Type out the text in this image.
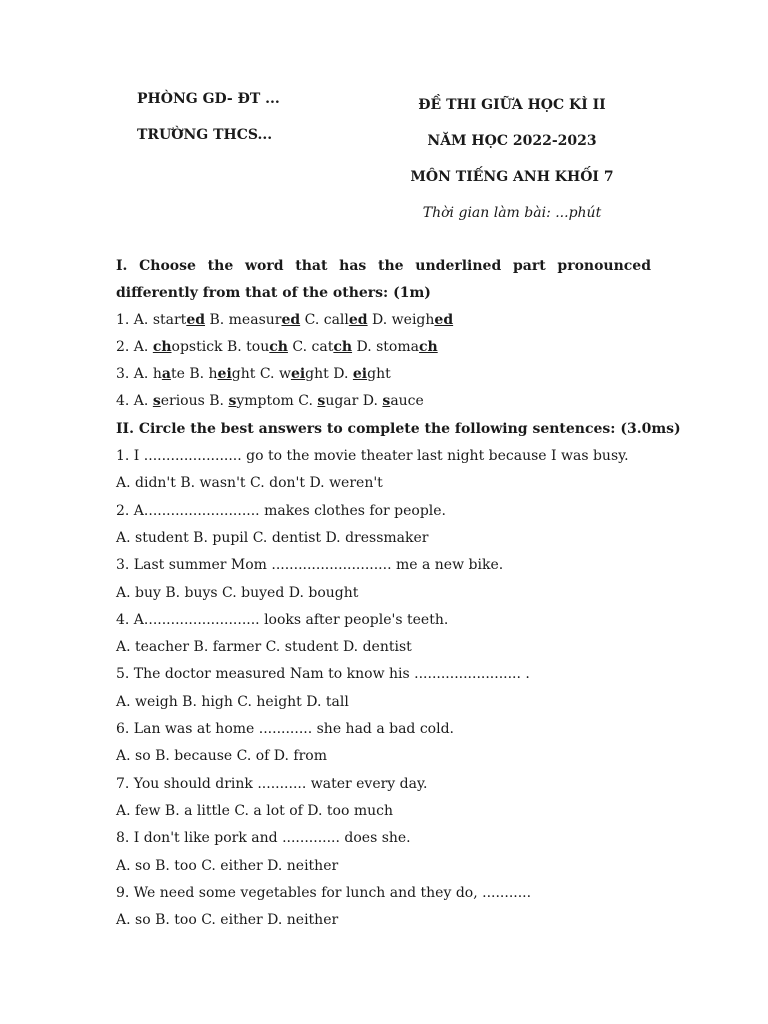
PHÒNG GD- ĐT ...
TRƯỜNG THCS...
ĐỀ THI GIỮA HỌC KÌ II
NĂM HỌC 2022-2023
MÔN TIẾNG ANH KHỐI 7
Thời gian làm bài: ...phút
I. Choose the word that has the underlined part pronounced differently from that of the others: (1m)
1. A. started B. measured C. called D. weighed
2. A. chopstick B. touch C. catch D. stomach
3. A. hate B. height C. weight D. eight
4. A. serious B. symptom C. sugar D. sauce
II. Circle the best answers to complete the following sentences: (3.0ms)
1. I ...................... go to the movie theater last night because I was busy.
A. didn't B. wasn't C. don't D. weren't
2. A.......................... makes clothes for people.
A. student B. pupil C. dentist D. dressmaker
3. Last summer Mom ........................... me a new bike.
A. buy B. buys C. buyed D. bought
4. A.......................... looks after people's teeth.
A. teacher B. farmer C. student D. dentist
5. The doctor measured Nam to know his ........................ .
A. weigh B. high C. height D. tall
6. Lan was at home ............ she had a bad cold.
A. so B. because C. of D. from
7. You should drink ........... water every day.
A. few B. a little C. a lot of D. too much
8. I don't like pork and ............. does she.
A. so B. too C. either D. neither
9. We need some vegetables for lunch and they do, ...........
A. so B. too C. either D. neither
